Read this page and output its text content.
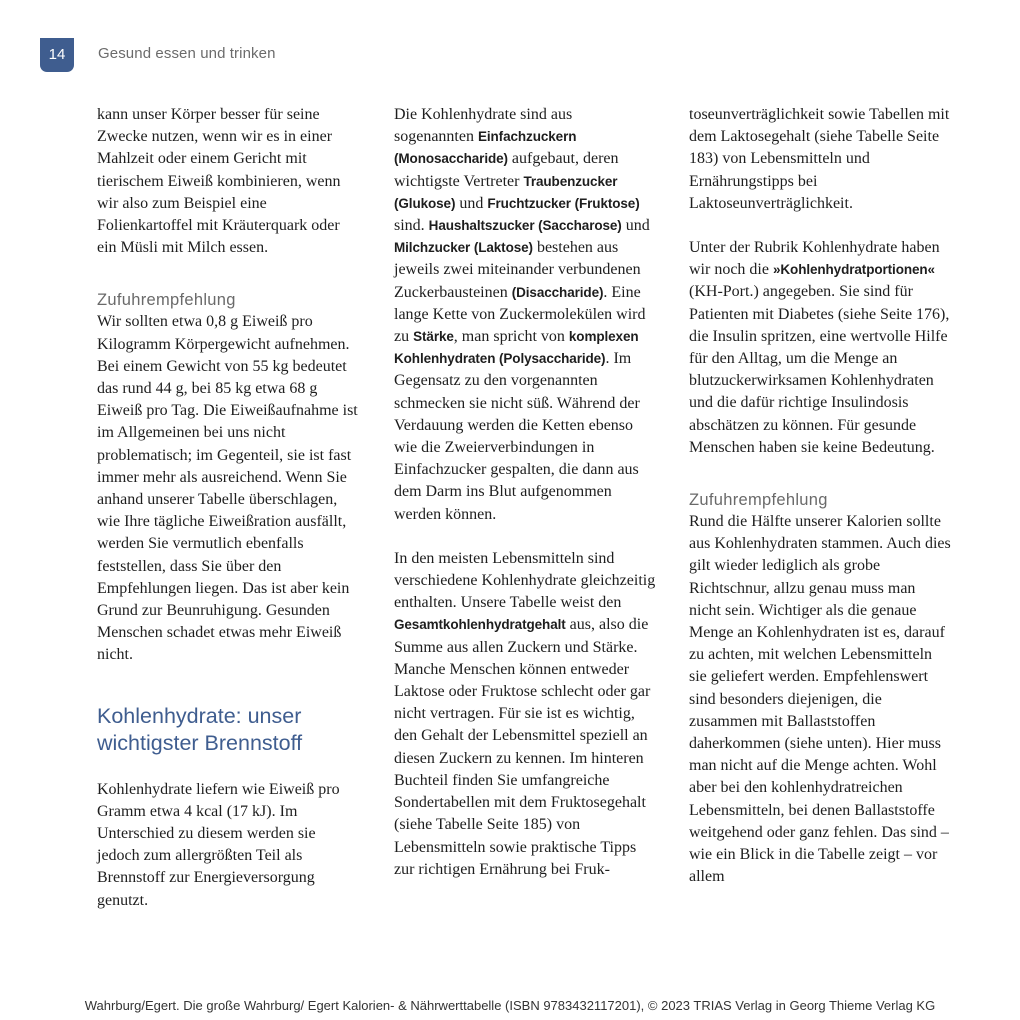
14	Gesund essen und trinken

kann unser Körper besser für seine Zwecke nutzen, wenn wir es in einer Mahlzeit oder einem Gericht mit tierischem Eiweiß kombinieren, wenn wir also zum Beispiel eine Folienkartoffel mit Kräuterquark oder ein Müsli mit Milch essen.

Zufuhrempfehlung

Wir sollten etwa 0,8 g Eiweiß pro Kilogramm Körpergewicht aufnehmen. Bei einem Gewicht von 55 kg bedeutet das rund 44 g, bei 85 kg etwa 68 g Eiweiß pro Tag. Die Eiweißaufnahme ist im Allgemeinen bei uns nicht problematisch; im Gegenteil, sie ist fast immer mehr als ausreichend. Wenn Sie anhand unserer Tabelle überschlagen, wie Ihre tägliche Eiweißration ausfällt, werden Sie vermutlich ebenfalls feststellen, dass Sie über den Empfehlungen liegen. Das ist aber kein Grund zur Beunruhigung. Gesunden Menschen schadet etwas mehr Eiweiß nicht.

Kohlenhydrate: unser wichtigster Brennstoff

Kohlenhydrate liefern wie Eiweiß pro Gramm etwa 4 kcal (17 kJ). Im Unterschied zu diesem werden sie jedoch zum allergrößten Teil als Brennstoff zur Energieversorgung genutzt.

Die Kohlenhydrate sind aus sogenannten Einfachzuckern (Monosaccharide) aufgebaut, deren wichtigste Vertreter Traubenzucker (Glukose) und Fruchtzucker (Fruktose) sind. Haushaltszucker (Saccharose) und Milchzucker (Laktose) bestehen aus jeweils zwei miteinander verbundenen Zuckerbausteinen (Disaccharide). Eine lange Kette von Zuckermolekülen wird zu Stärke, man spricht von komplexen Kohlenhydraten (Polysaccharide). Im Gegensatz zu den vorgenannten schmecken sie nicht süß. Während der Verdauung werden die Ketten ebenso wie die Zweierverbindungen in Einfachzucker gespalten, die dann aus dem Darm ins Blut aufgenommen werden können.

In den meisten Lebensmitteln sind verschiedene Kohlenhydrate gleichzeitig enthalten. Unsere Tabelle weist den Gesamtkohlenhydratgehalt aus, also die Summe aus allen Zuckern und Stärke. Manche Menschen können entweder Laktose oder Fruktose schlecht oder gar nicht vertragen. Für sie ist es wichtig, den Gehalt der Lebensmittel speziell an diesen Zuckern zu kennen. Im hinteren Buchteil finden Sie umfangreiche Sondertabellen mit dem Fruktosegehalt (siehe Tabelle Seite 185) von Lebensmitteln sowie praktische Tipps zur richtigen Ernährung bei Fruk-

toseunverträglichkeit sowie Tabellen mit dem Laktosegehalt (siehe Tabelle Seite 183) von Lebensmitteln und Ernährungstipps bei Laktoseunverträglichkeit.

Unter der Rubrik Kohlenhydrate haben wir noch die »Kohlenhydratportionen« (KH-Port.) angegeben. Sie sind für Patienten mit Diabetes (siehe Seite 176), die Insulin spritzen, eine wertvolle Hilfe für den Alltag, um die Menge an blutzuckerwirksamen Kohlenhydraten und die dafür richtige Insulindosis abschätzen zu können. Für gesunde Menschen haben sie keine Bedeutung.

Zufuhrempfehlung

Rund die Hälfte unserer Kalorien sollte aus Kohlenhydraten stammen. Auch dies gilt wieder lediglich als grobe Richtschnur, allzu genau muss man nicht sein. Wichtiger als die genaue Menge an Kohlenhydraten ist es, darauf zu achten, mit welchen Lebensmitteln sie geliefert werden. Empfehlenswert sind besonders diejenigen, die zusammen mit Ballaststoffen daherkommen (siehe unten). Hier muss man nicht auf die Menge achten. Wohl aber bei den kohlenhydratreichen Lebensmitteln, bei denen Ballaststoffe weitgehend oder ganz fehlen. Das sind – wie ein Blick in die Tabelle zeigt – vor allem

Wahrburg/Egert. Die große Wahrburg/ Egert Kalorien- & Nährwerttabelle (ISBN 9783432117201), © 2023 TRIAS Verlag in Georg Thieme Verlag KG
